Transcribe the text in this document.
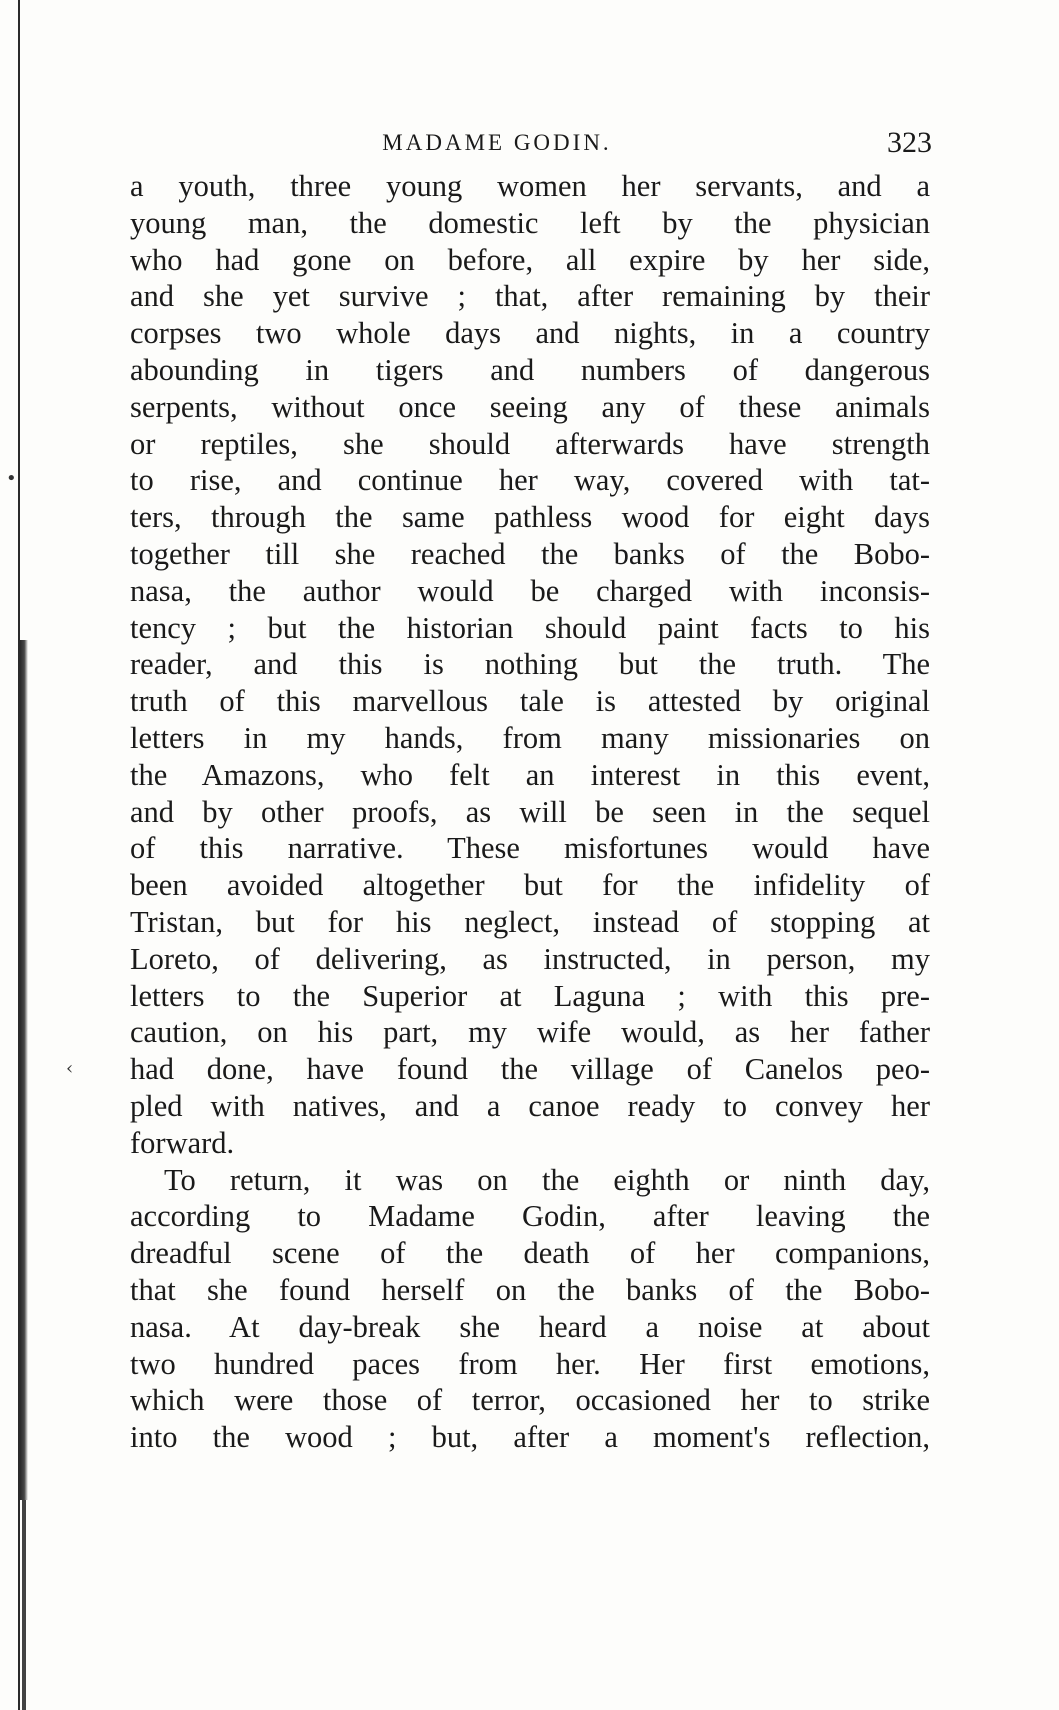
•
‹
MADAME GODIN.	323
a youth, three young women her servants, and a
young man, the domestic left by the physician
who had gone on before, all expire by her side,
and she yet survive ; that, after remaining by their
corpses two whole days and nights, in a country
abounding in tigers and numbers of dangerous
serpents, without once seeing any of these animals
or reptiles, she should afterwards have strength
to rise, and continue her way, covered with tat-
ters, through the same pathless wood for eight days
together till she reached the banks of the Bobo-
nasa, the author would be charged with inconsis-
tency ; but the historian should paint facts to his
reader, and this is nothing but the truth. The
truth of this marvellous tale is attested by original
letters in my hands, from many missionaries on
the Amazons, who felt an interest in this event,
and by other proofs, as will be seen in the sequel
of this narrative. These misfortunes would have
been avoided altogether but for the infidelity of
Tristan, but for his neglect, instead of stopping at
Loreto, of delivering, as instructed, in person, my
letters to the Superior at Laguna ; with this pre-
caution, on his part, my wife would, as her father
had done, have found the village of Canelos peo-
pled with natives, and a canoe ready to convey her
forward.
To return, it was on the eighth or ninth day,
according to Madame Godin, after leaving the
dreadful scene of the death of her companions,
that she found herself on the banks of the Bobo-
nasa. At day-break she heard a noise at about
two hundred paces from her. Her first emotions,
which were those of terror, occasioned her to strike
into the wood ; but, after a moment's reflection,
